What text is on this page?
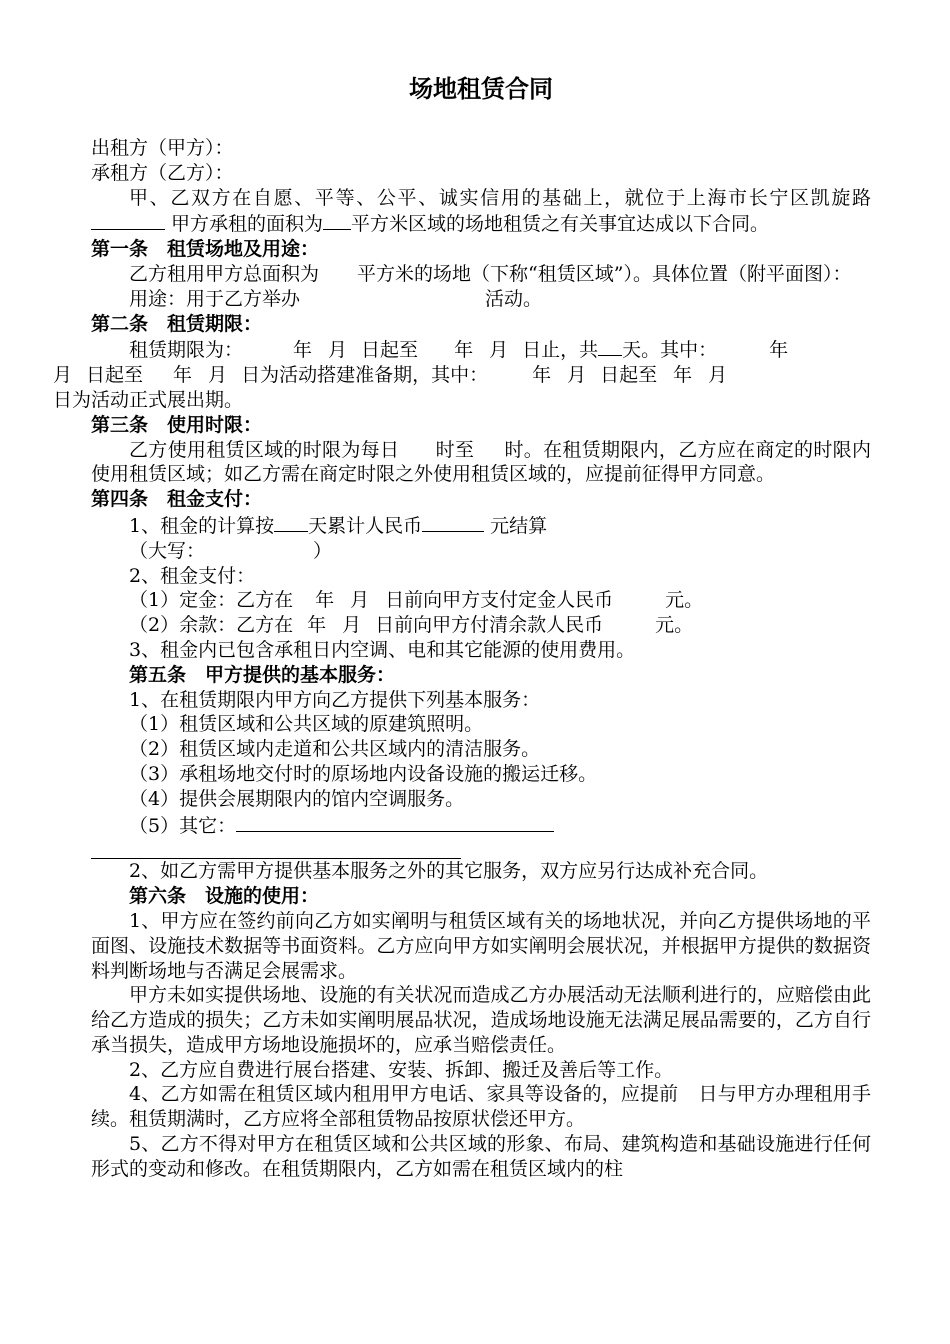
场地租赁合同

出租方（甲方）：

承租方（乙方）：

甲、乙双方在自愿、平等、公平、诚实信用的基础上，就位于上海市长宁区凯旋路 甲方承租的面积为 平方米区域的场地租赁之有关事宜达成以下合同。

第一条　租赁场地及用途：

乙方租用甲方总面积为 平方米的场地（下称“租赁区域”）。具体位置（附平面图）：

用途：用于乙方举办	活动。

第二条　租赁期限：

租赁期限为：	年 月 日起至 年 月 日止，共 天。其中：	年
月 日起至 年 月 日为活动搭建准备期，其中： 年 月 日起至 年 月
日为活动正式展出期。

第三条　使用时限：

乙方使用租赁区域的时限为每日 时至 时。在租赁期限内，乙方应在商定的时限内使用租赁区域；如乙方需在商定时限之外使用租赁区域的，应提前征得甲方同意。

第四条　租金支付：

1、租金的计算按 天累计人民币	元结算

（大写：	）

2、租金支付：

（1）定金：乙方在 年 月 日前向甲方支付定金人民币	元。

（2）余款：乙方在 年 月 日前向甲方付清余款人民币	元。

3、租金内已包含承租日内空调、电和其它能源的使用费用。

第五条　甲方提供的基本服务：

1、在租赁期限内甲方向乙方提供下列基本服务：

（1）租赁区域和公共区域的原建筑照明。

（2）租赁区域内走道和公共区域内的清洁服务。

（3）承租场地交付时的原场地内设备设施的搬运迁移。

（4）提供会展期限内的馆内空调服务。

（5）其它：

2、如乙方需甲方提供基本服务之外的其它服务，双方应另行达成补充合同。

第六条　设施的使用：

1、甲方应在签约前向乙方如实阐明与租赁区域有关的场地状况，并向乙方提供场地的平面图、设施技术数据等书面资料。乙方应向甲方如实阐明会展状况，并根据甲方提供的数据资料判断场地与否满足会展需求。

甲方未如实提供场地、设施的有关状况而造成乙方办展活动无法顺利进行的，应赔偿由此给乙方造成的损失；乙方未如实阐明展品状况，造成场地设施无法满足展品需要的，乙方自行承当损失，造成甲方场地设施损坏的，应承当赔偿责任。

2、乙方应自费进行展台搭建、安装、拆卸、搬迁及善后等工作。

4、乙方如需在租赁区域内租用甲方电话、家具等设备的，应提前 日与甲方办理租用手续。租赁期满时，乙方应将全部租赁物品按原状偿还甲方。

5、乙方不得对甲方在租赁区域和公共区域的形象、布局、建筑构造和基础设施进行任何形式的变动和修改。在租赁期限内，乙方如需在租赁区域内的柱
